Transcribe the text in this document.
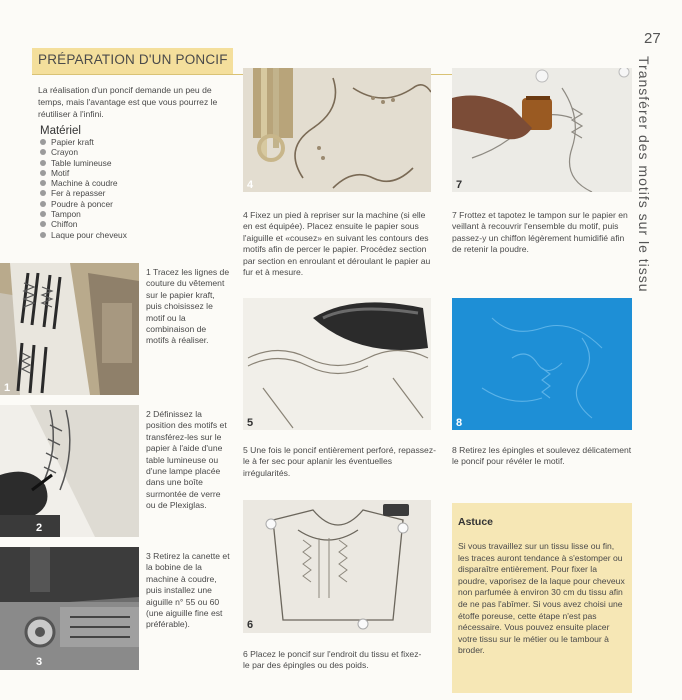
27
Transférer des motifs sur le tissu
PRÉPARATION D'UN PONCIF
La réalisation d'un poncif demande un peu de temps, mais l'avantage est que vous pourrez le réutiliser à l'infini.
Matériel
Papier kraft
Crayon
Table lumineuse
Motif
Machine à coudre
Fer à repasser
Poudre à poncer
Tampon
Chiffon
Laque pour cheveux
1
1 Tracez les lignes de couture du vêtement sur le papier kraft, puis choisissez le motif ou la combinaison de motifs à réaliser.
2
2 Définissez la position des motifs et transférez-les sur le papier à l'aide d'une table lumineuse ou d'une lampe placée dans une boîte surmontée de verre ou de Plexiglas.
3
3 Retirez la canette et la bobine de la machine à coudre, puis installez une aiguille n° 55 ou 60 (une aiguille fine est préférable).
4
4 Fixez un pied à repriser sur la machine (si elle en est équipée). Placez ensuite le papier sous l'aiguille et «cousez» en suivant les contours des motifs afin de percer le papier. Procédez section par section en enroulant et déroulant le papier au fur et à mesure.
5
5 Une fois le poncif entièrement perforé, repassez-le à fer sec pour aplanir les éventuelles irrégularités.
6
6 Placez le poncif sur l'endroit du tissu et fixez-le par des épingles ou des poids.
7
7 Frottez et tapotez le tampon sur le papier en veillant à recouvrir l'ensemble du motif, puis passez-y un chiffon légèrement humidifié afin de retenir la poudre.
8
8 Retirez les épingles et soulevez délicatement le poncif pour révéler le motif.
Astuce
Si vous travaillez sur un tissu lisse ou fin, les traces auront tendance à s'estomper ou disparaître entièrement. Pour fixer la poudre, vaporisez de la laque pour cheveux non parfumée à environ 30 cm du tissu afin de ne pas l'abîmer. Si vous avez choisi une étoffe poreuse, cette étape n'est pas nécessaire. Vous pouvez ensuite placer votre tissu sur le métier ou le tambour à broder.
